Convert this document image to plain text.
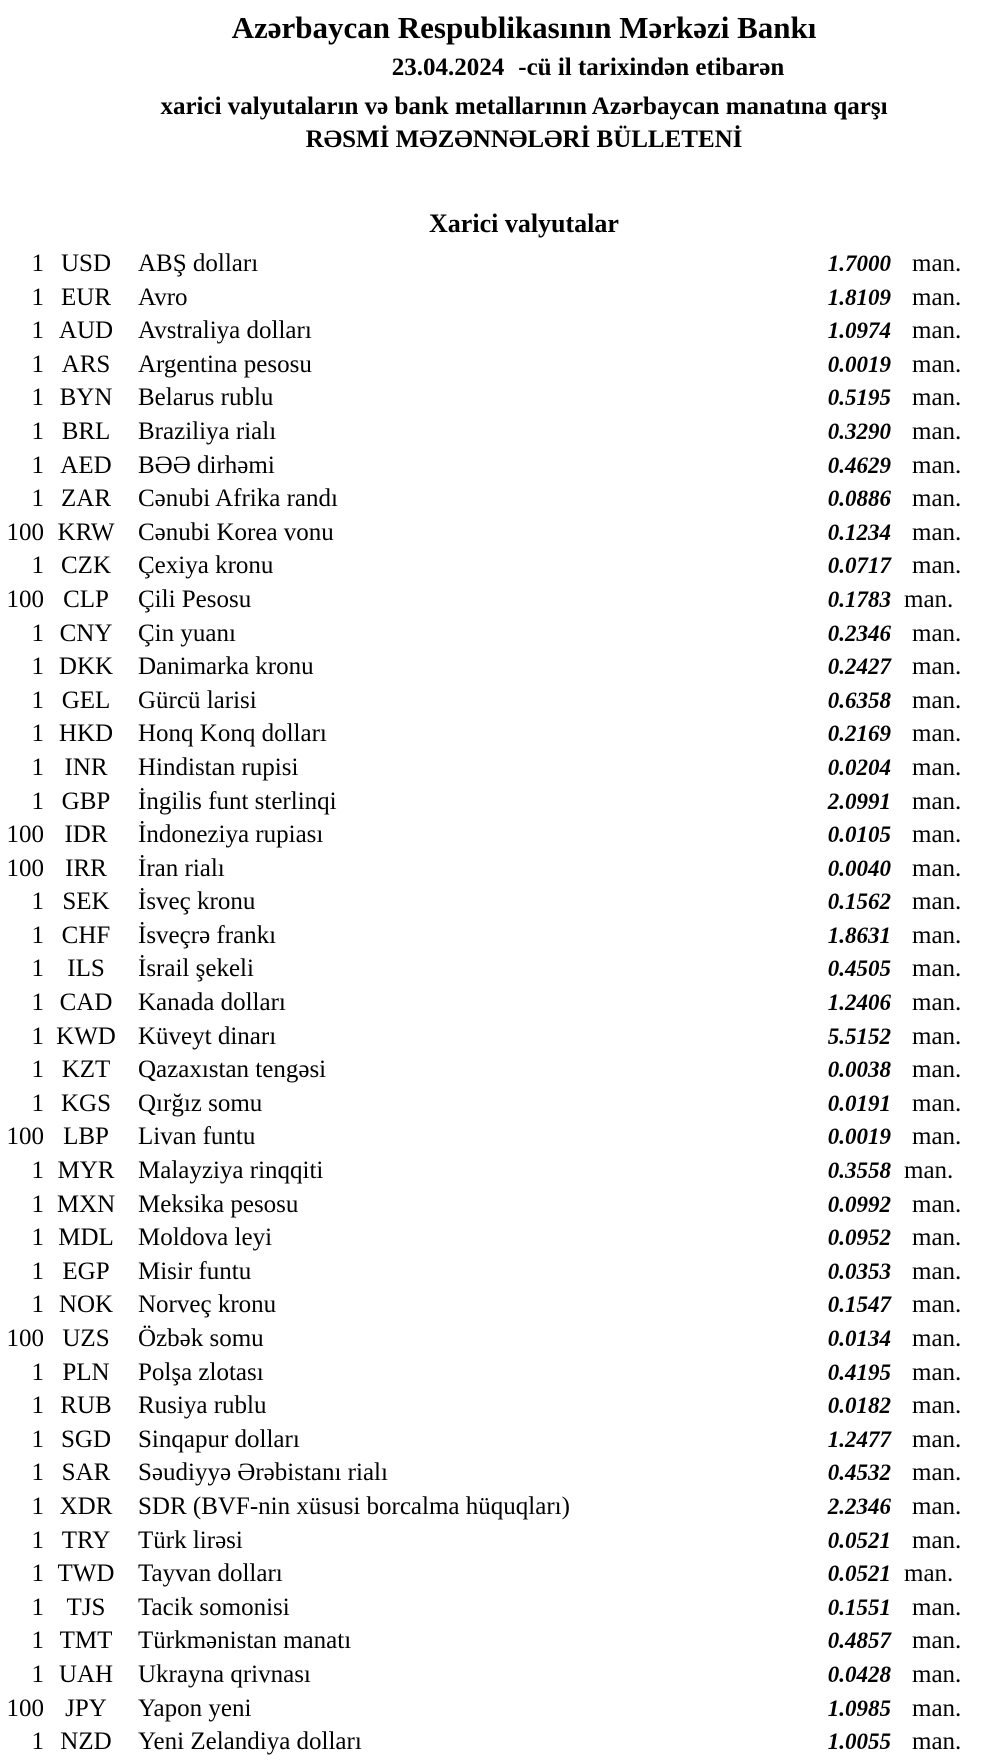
Azərbaycan Respublikasının Mərkəzi Bankı
23.04.2024 -cü il tarixindən etibarən
xarici valyutaların və bank metallarının Azərbaycan manatına qarşı
RƏSMİ MƏZƏNNƏLƏRİ BÜLLETENİ
Xarici valyutalar
1 USD	ABŞ dolları	1.7000 man.
1 EUR	Avro	1.8109 man.
1 AUD Avstraliya dolları	1.0974 man.
1 ARS	Argentina pesosu	0.0019 man.
1 BYN	Belarus rublu	0.5195 man.
1 BRL	Braziliya rialı	0.3290 man.
1 AED	BƏƏ dirhəmi	0.4629 man.
1 ZAR	Cənubi Afrika randı	0.0886 man.
100 KRW Cənubi Korea vonu	0.1234 man.
1 CZK	Çexiya kronu	0.0717 man.
100 CLP	Çili Pesosu	0.1783 man.
1 CNY	Çin yuanı	0.2346 man.
1 DKK Danimarka kronu	0.2427 man.
1 GEL	Gürcü larisi	0.6358 man.
1 HKD Honq Konq dolları	0.2169 man.
1 INR	Hindistan rupisi	0.0204 man.
1 GBP	İngilis funt sterlinqi	2.0991 man.
100 IDR	İndoneziya rupiası	0.0105 man.
100 IRR	İran rialı	0.0040 man.
1 SEK	İsveç kronu	0.1562 man.
1 CHF	İsveçrə frankı	1.8631 man.
1 ILS	İsrail şekeli	0.4505 man.
1 CAD	Kanada dolları	1.2406 man.
1 KWD Küveyt dinarı	5.5152 man.
1 KZT	Qazaxıstan tengəsi	0.0038 man.
1 KGS	Qırğız somu	0.0191 man.
100 LBP	Livan funtu	0.0019 man.
1 MYR Malayziya rinqqiti	0.3558 man.
1 MXN Meksika pesosu	0.0992 man.
1 MDL Moldova leyi	0.0952 man.
1 EGP	Misir funtu	0.0353 man.
1 NOK Norveç kronu	0.1547 man.
100 UZS	Özbək somu	0.0134 man.
1 PLN	Polşa zlotası	0.4195 man.
1 RUB	Rusiya rublu	0.0182 man.
1 SGD	Sinqapur dolları	1.2477 man.
1 SAR	Səudiyyə Ərəbistanı rialı	0.4532 man.
1 XDR	SDR (BVF-nin xüsusi borcalma hüquqları)	2.2346 man.
1 TRY	Türk lirəsi	0.0521 man.
1 TWD Tayvan dolları	0.0521 man.
1 TJS	Tacik somonisi	0.1551 man.
1 TMT	Türkmənistan manatı	0.4857 man.
1 UAH Ukrayna qrivnası	0.0428 man.
100 JPY	Yapon yeni	1.0985 man.
1 NZD	Yeni Zelandiya dolları	1.0055 man.
